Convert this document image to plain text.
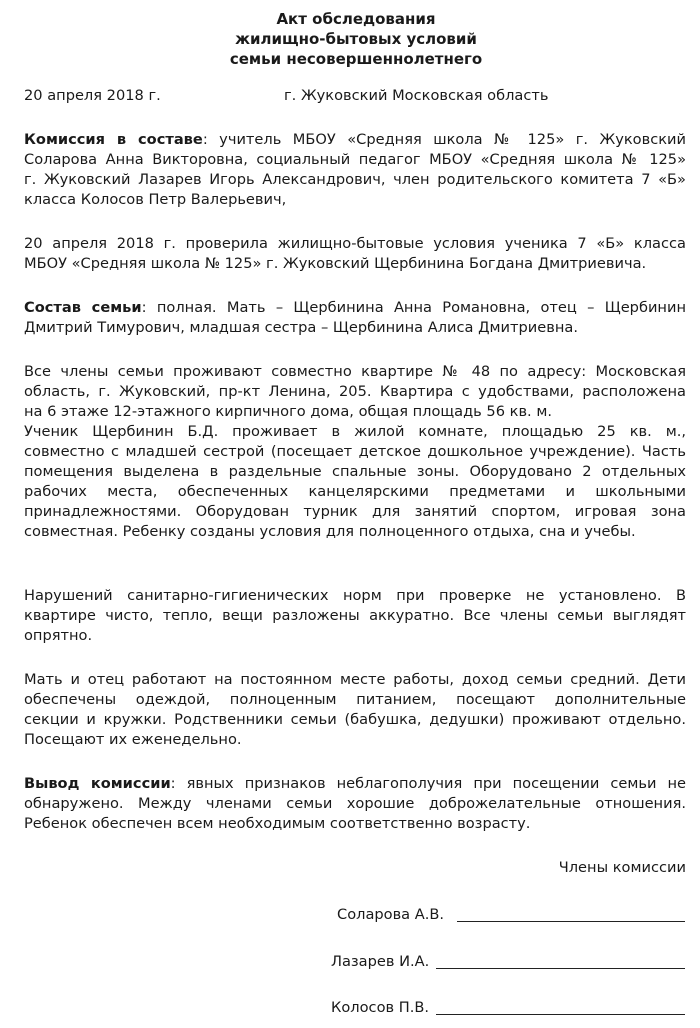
Акт обследования
жилищно-бытовых условий
семьи несовершеннолетнего
20 апреля 2018 г.	г. Жуковский Московская область
Комиссия в составе: учитель МБОУ «Средняя школа № 125» г. Жуковский
Соларова Анна Викторовна, социальный педагог МБОУ «Средняя школа № 125»
г. Жуковский Лазарев Игорь Александрович, член родительского комитета 7 «Б»
класса Колосов Петр Валерьевич,
20 апреля 2018 г. проверила жилищно-бытовые условия ученика 7 «Б» класса
МБОУ «Средняя школа № 125» г. Жуковский Щербинина Богдана Дмитриевича.
Состав семьи: полная. Мать – Щербинина Анна Романовна, отец – Щербинин
Дмитрий Тимурович, младшая сестра – Щербинина Алиса Дмитриевна.
Все члены семьи проживают совместно квартире № 48 по адресу: Московская
область, г. Жуковский, пр-кт Ленина, 205. Квартира с удобствами, расположена
на 6 этаже 12-этажного кирпичного дома, общая площадь 56 кв. м.
Ученик Щербинин Б.Д. проживает в жилой комнате, площадью 25 кв. м.,
совместно с младшей сестрой (посещает детское дошкольное учреждение). Часть
помещения выделена в раздельные спальные зоны. Оборудовано 2 отдельных
рабочих места, обеспеченных канцелярскими предметами и школьными
принадлежностями. Оборудован турник для занятий спортом, игровая зона
совместная. Ребенку созданы условия для полноценного отдыха, сна и учебы.
Нарушений санитарно-гигиенических норм при проверке не установлено. В
квартире чисто, тепло, вещи разложены аккуратно. Все члены семьи выглядят
опрятно.
Мать и отец работают на постоянном месте работы, доход семьи средний. Дети
обеспечены одеждой, полноценным питанием, посещают дополнительные
секции и кружки. Родственники семьи (бабушка, дедушки) проживают отдельно.
Посещают их еженедельно.
Вывод комиссии: явных признаков неблагополучия при посещении семьи не
обнаружено. Между членами семьи хорошие доброжелательные отношения.
Ребенок обеспечен всем необходимым соответственно возрасту.
Члены комиссии
Соларова А.В.
Лазарев И.А.
Колосов П.В.
